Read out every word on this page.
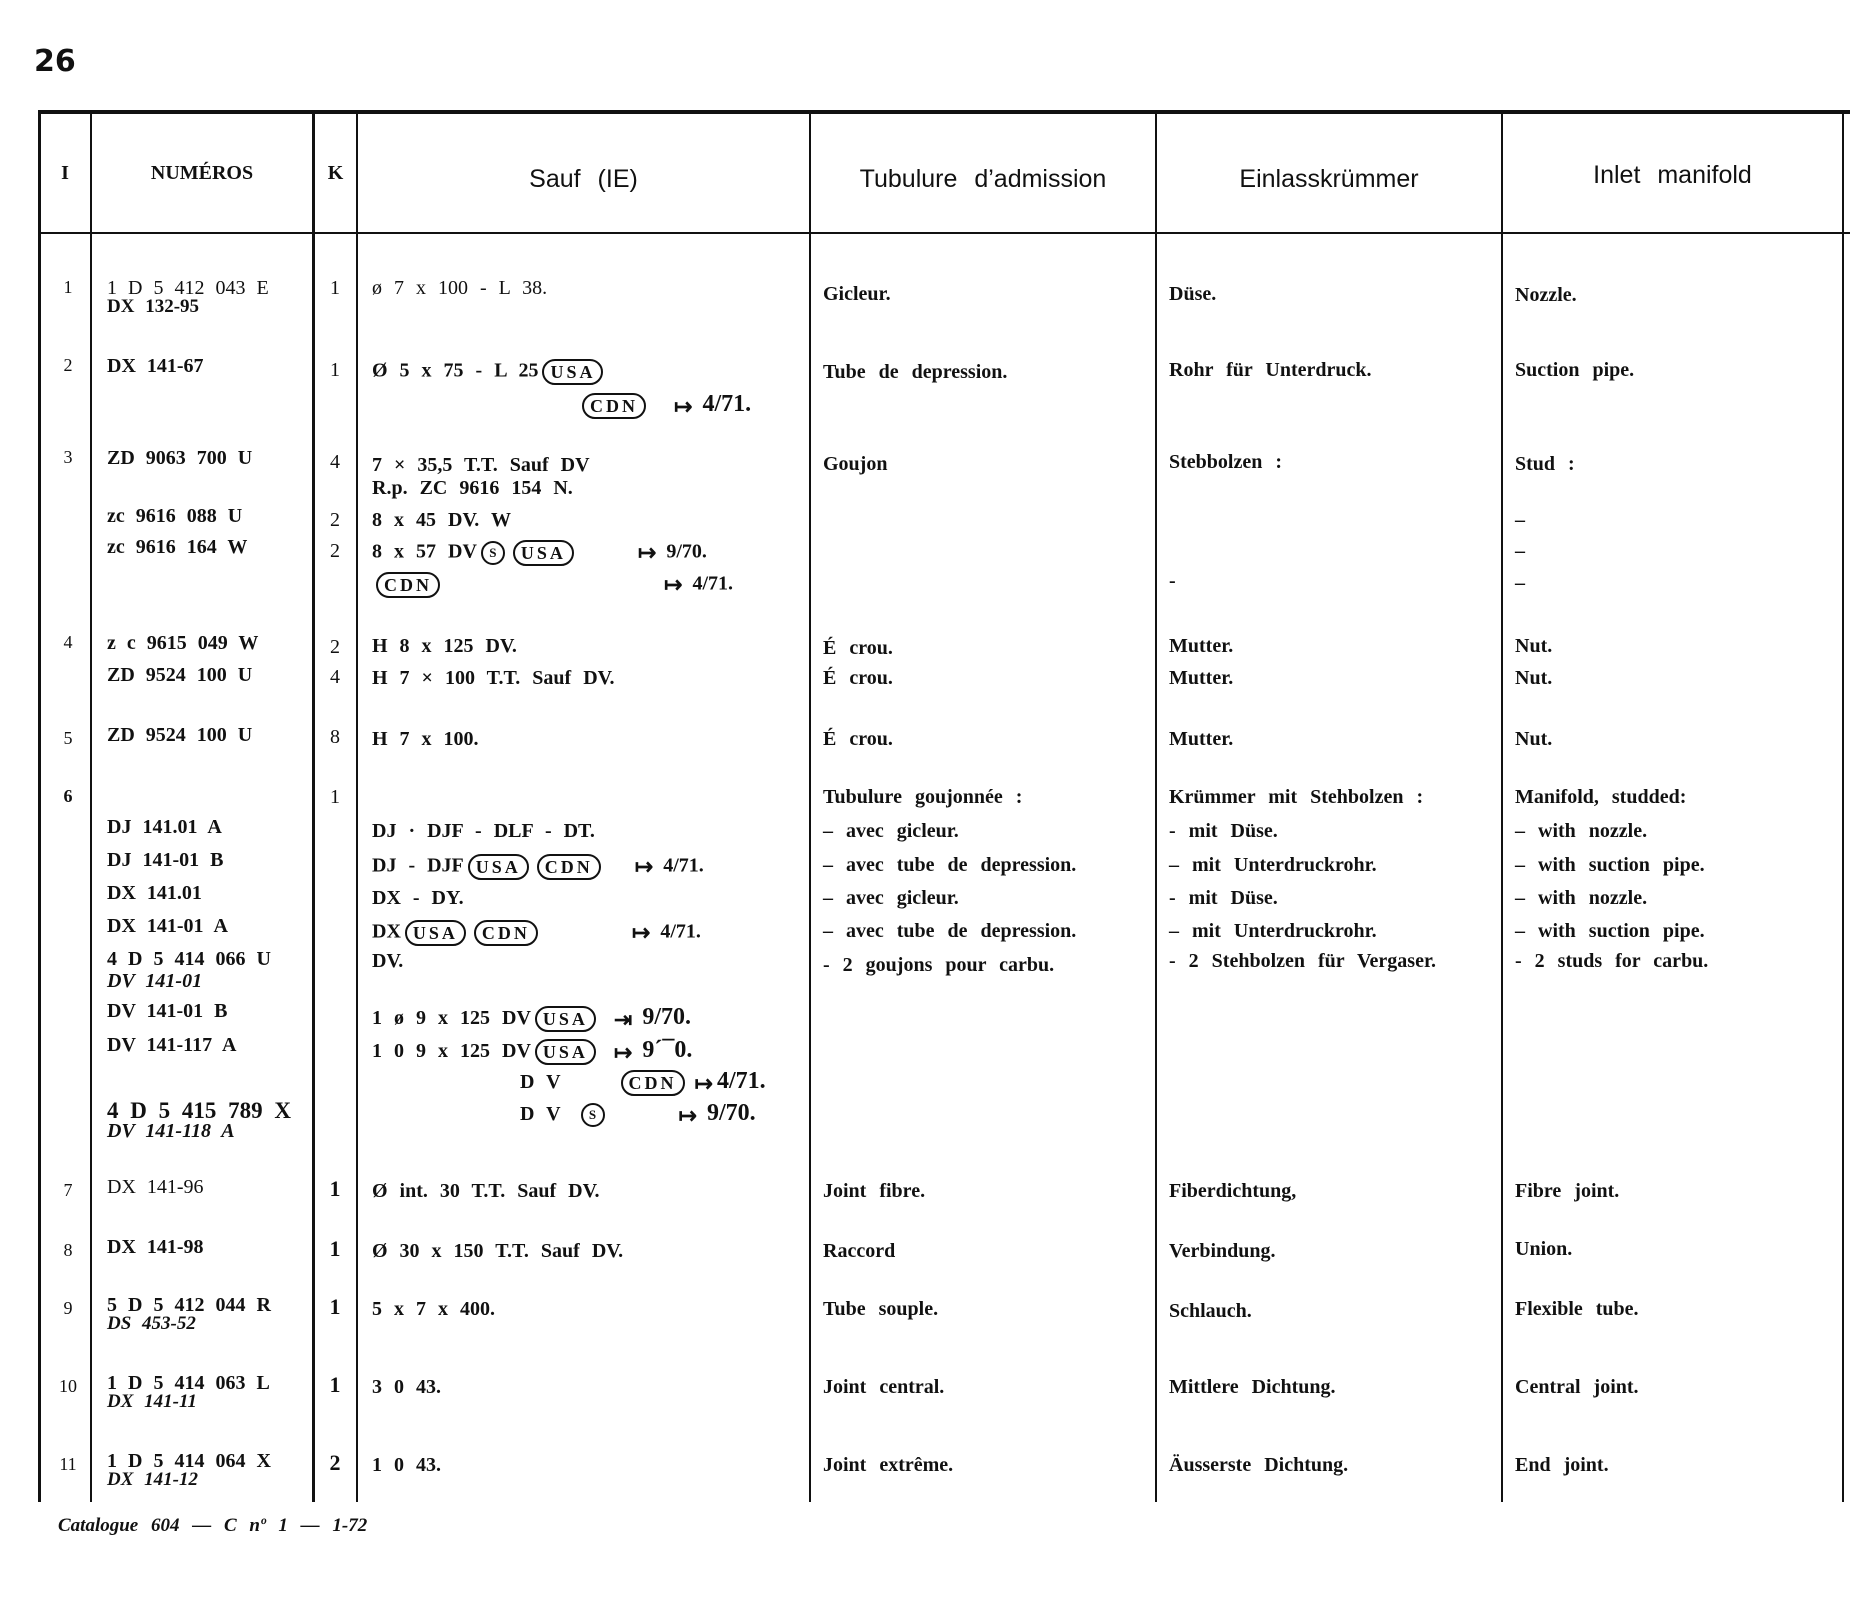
26
I	NUMÉROS	K	Sauf (IE)	Tubulure d’admission	Einlasskrümmer	Inlet manifold
1	1 D 5 412 043 E
DX 132-95
1	ø 7 x 100 - L 38.	Gicleur.	Düse.	Nozzle.
2	DX 141-67	1	Ø 5 x 75 - L 25 USA
CDN ↦ 4/71.
Tube de depression.	Rohr für Unterdruck.	Suction pipe.
3	ZD 9063 700 U	4	7 × 35,5 T.T. Sauf DV
R.p. ZC 9616 154 N.
Goujon	Stebbolzen :	Stud :
zc 9616 088 U	2	8 x 45 DV. W	–
zc 9616 164 W	2	8 x 57 DV S USA	↦ 9/70.
CDN	↦ 4/71.	-
–
–
4	z c 9615 049 W	2	H 8 x 125 DV.	É crou.	Mutter.	Nut.
ZD 9524 100 U	4	H 7 × 100 T.T. Sauf DV.	É crou.	Mutter.	Nut.
5	ZD 9524 100 U	8	H 7 x 100.	É crou.	Mutter.	Nut.
6	1	Tubulure goujonnée :	Krümmer mit Stehbolzen :	Manifold, studded:
DJ 141.01 A
DJ 141-01 B
DX 141.01
DX 141-01 A
4 D 5 414 066 U
DV 141-01
DV 141-01 B
DV 141-117 A
4 D 5 415 789 X
DV 141-118 A
DJ · DJF - DLF - DT.
DJ - DJF USA CDN ↦ 4/71.
DX - DY.
DX USA CDN	↦ 4/71.
DV.
1 ø 9 x 125 DV USA ⇥ 9/70.
1 0 9 x 125 DV USA ↦ 9´¯0.
D V	CDN ↦ 4/71.
D V S	↦ 9/70.
– avec gicleur.
– avec tube de depression.
– avec gicleur.
– avec tube de depression.
- 2 goujons pour carbu.
- mit Düse.
– mit Unterdruckrohr.
- mit Düse.
– mit Unterdruckrohr.
- 2 Stehbolzen für Vergaser.
– with nozzle.
– with suction pipe.
– with nozzle.
– with suction pipe.
- 2 studs for carbu.
7	DX 141-96	1	Ø int. 30 T.T. Sauf DV.	Joint fibre.	Fiberdichtung,	Fibre joint.
8	DX 141-98	1	Ø 30 x 150 T.T. Sauf DV.	Raccord	Verbindung.	Union.
9	5 D 5 412 044 R
DS 453-52
1	5 x 7 x 400.	Tube souple.	Schlauch.	Flexible tube.
10	1 D 5 414 063 L
DX 141-11
1	3 0 43.	Joint central.	Mittlere Dichtung.	Central joint.
11	1 D 5 414 064 X
DX 141-12
2	1 0 43.	Joint extrême.	Äusserste Dichtung.	End joint.
Catalogue 604 — C nº 1 — 1-72
